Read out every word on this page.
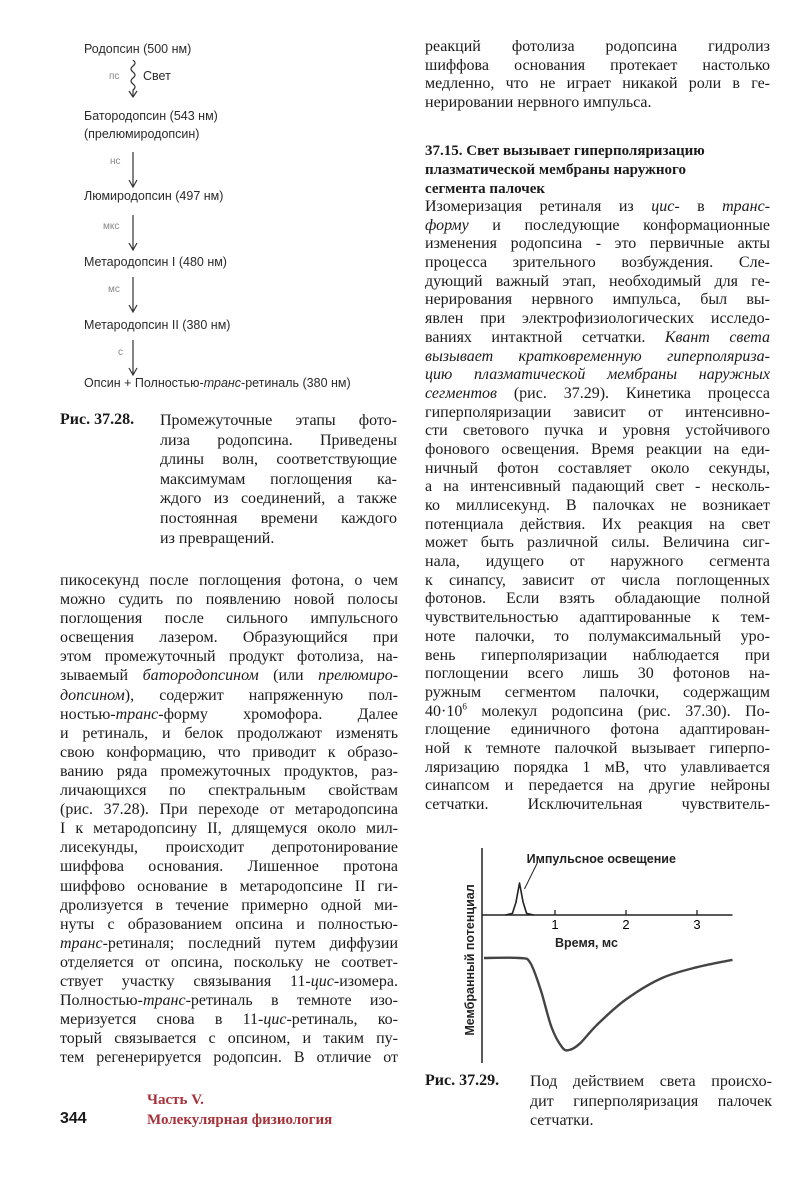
Родопсин (500 нм)
пс Свет
Батородопсин (543 нм)
(прелюмиродопсин)
нс
Люмиродопсин (497 нм)
мкс
Метародопсин I (480 нм)
мс
Метародопсин II (380 нм)
с
Опсин + Полностью-транс-ретиналь (380 нм)
Рис. 37.28. Промежуточные этапы фото-
лиза родопсина. Приведены
длины волн, соответствующие
максимумам поглощения ка-
ждого из соединений, а также
постоянная времени каждого
из превращений.
пикосекунд после поглощения фотона, о чем
можно судить по появлению новой полосы
поглощения после сильного импульсного
освещения лазером. Образующийся при
этом промежуточный продукт фотолиза, на-
зываемый батородопсином (или прелюмиро-
допсином), содержит напряженную пол-
ностью-транс-форму хромофора. Далее
и ретиналь, и белок продолжают изменять
свою конформацию, что приводит к образо-
ванию ряда промежуточных продуктов, раз-
личающихся по спектральным свойствам
(рис. 37.28). При переходе от метародопсина
I к метародопсину II, длящемуся около мил-
лисекунды, происходит депротонирование
шиффова основания. Лишенное протона
шиффово основание в метародопсине II ги-
дролизуется в течение примерно одной ми-
нуты с образованием опсина и полностью-
транс-ретиналя; последний путем диффузии
отделяется от опсина, поскольку не соответ-
ствует участку связывания 11-цис-изомера.
Полностью-транс-ретиналь в темноте изо-
меризуется снова в 11-цис-ретиналь, ко-
торый связывается с опсином, и таким пу-
тем регенерируется родопсин. В отличие от
реакций фотолиза родопсина гидролиз
шиффова основания протекает настолько
медленно, что не играет никакой роли в ге-
нерировании нервного импульса.
37.15. Свет вызывает гиперполяризацию
плазматической мембраны наружного
сегмента палочек
Изомеризация ретиналя из цис- в транс-
форму и последующие конформационные
изменения родопсина - это первичные акты
процесса зрительного возбуждения. Сле-
дующий важный этап, необходимый для ге-
нерирования нервного импульса, был вы-
явлен при электрофизиологических исследо-
ваниях интактной сетчатки. Квант света
вызывает кратковременную гиперполяриза-
цию плазматической мембраны наружных
сегментов (рис. 37.29). Кинетика процесса
гиперполяризации зависит от интенсивно-
сти светового пучка и уровня устойчивого
фонового освещения. Время реакции на еди-
ничный фотон составляет около секунды,
а на интенсивный падающий свет - несколь-
ко миллисекунд. В палочках не возникает
потенциала действия. Их реакция на свет
может быть различной силы. Величина сиг-
нала, идущего от наружного сегмента
к синапсу, зависит от числа поглощенных
фотонов. Если взять обладающие полной
чувствительностью адаптированные к тем-
ноте палочки, то полумаксимальный уро-
вень гиперполяризации наблюдается при
поглощении всего лишь 30 фотонов на-
ружным сегментом палочки, содержащим
$40\cdot 10^6$ молекул родопсина (рис. 37.30). По-
глощение единичного фотона адаптирован-
ной к темноте палочкой вызывает гиперпо-
ляризацию порядка 1 мВ, что улавливается
синапсом и передается на другие нейроны
сетчатки. Исключительная чувствитель-
1	2	3
Импульсное освещение
Время, мс
Мембранный потенциал
Рис. 37.29. Под действием света происхо-
дит гиперполяризация палочек
сетчатки.
344
Часть V.
Молекулярная физиология
